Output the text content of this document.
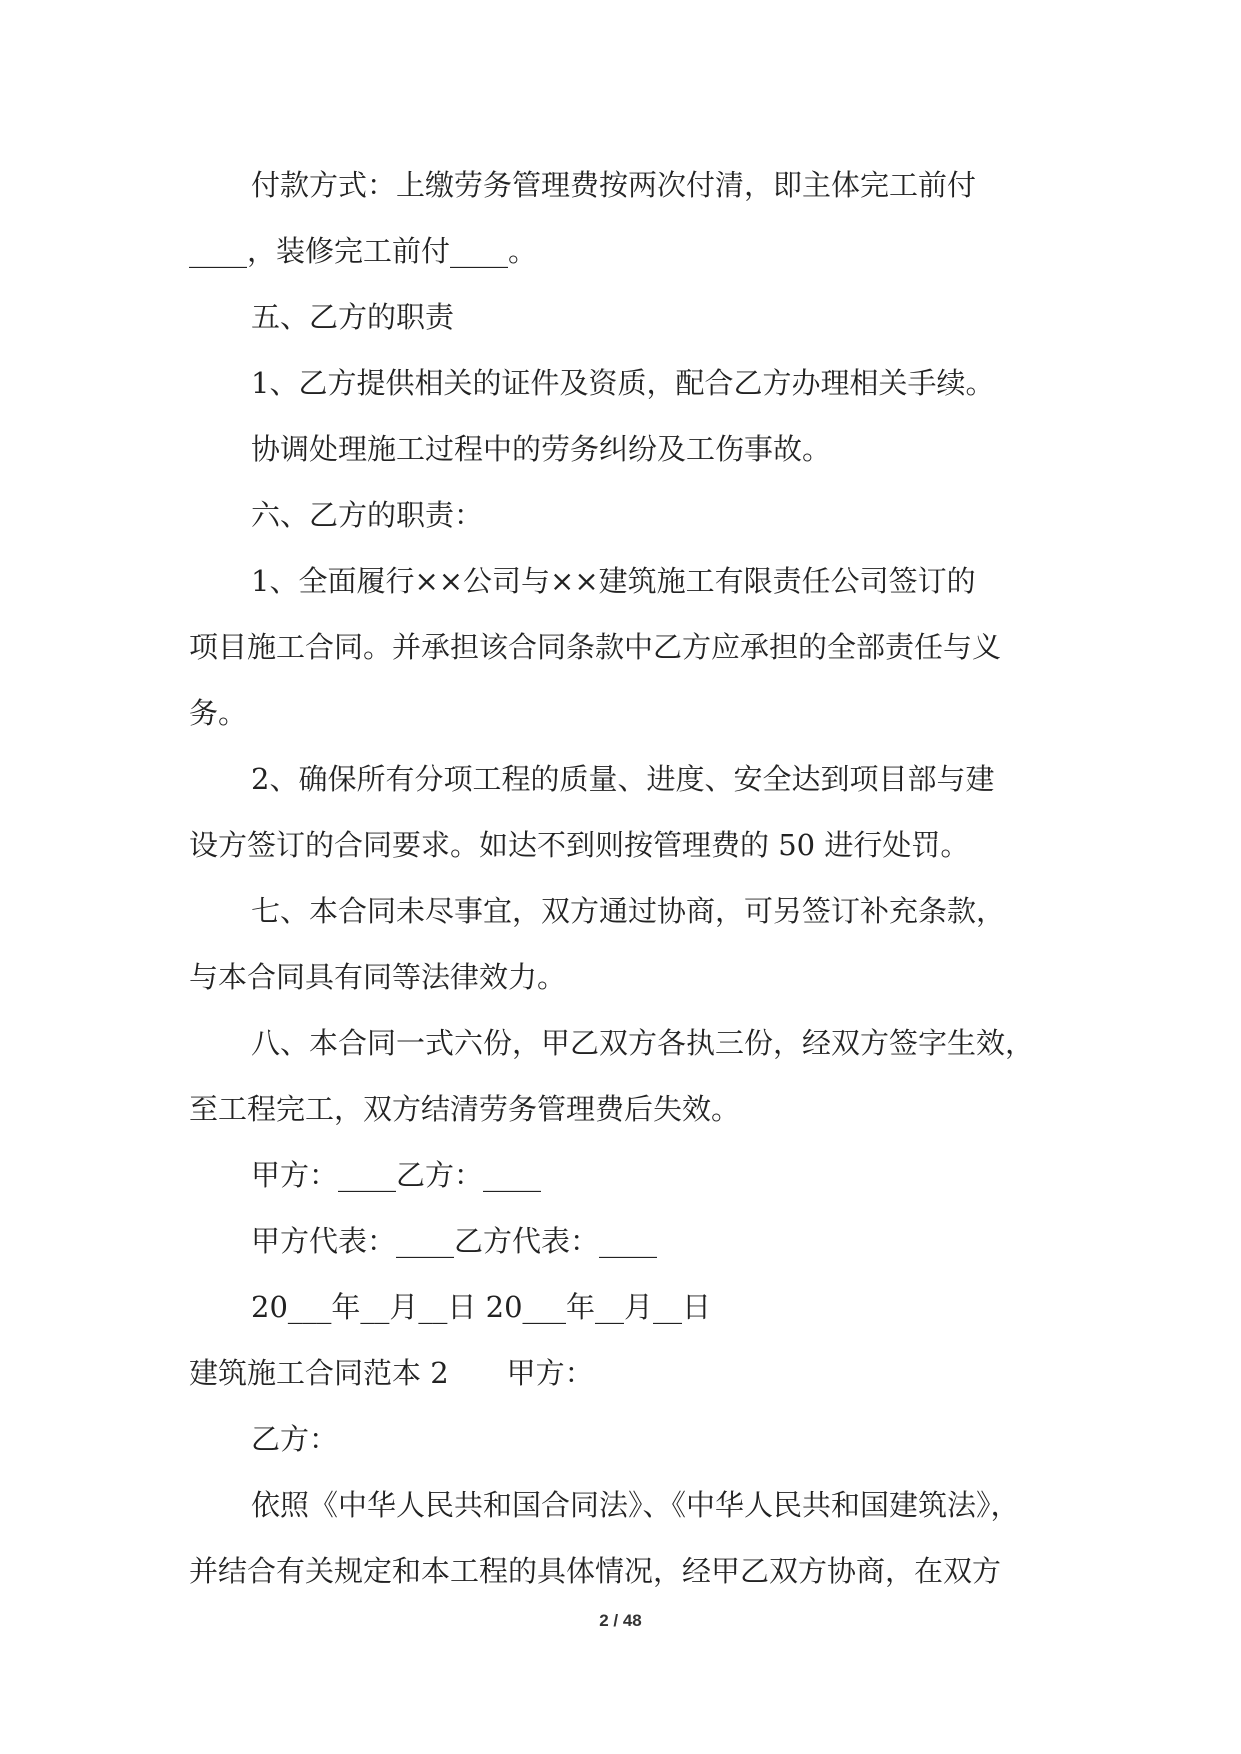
付款方式：上缴劳务管理费按两次付清，即主体完工前付
____，装修完工前付____。
五、乙方的职责
1、乙方提供相关的证件及资质，配合乙方办理相关手续。
协调处理施工过程中的劳务纠纷及工伤事故。
六、乙方的职责：
1、全面履行××公司与××建筑施工有限责任公司签订的
项目施工合同。并承担该合同条款中乙方应承担的全部责任与义
务。
2、确保所有分项工程的质量、进度、安全达到项目部与建
设方签订的合同要求。如达不到则按管理费的 50 进行处罚。
七、本合同未尽事宜，双方通过协商，可另签订补充条款，
与本合同具有同等法律效力。
八、本合同一式六份，甲乙双方各执三份，经双方签字生效，
至工程完工，双方结清劳务管理费后失效。
甲方：____乙方：____
甲方代表：____乙方代表：____
20___年__月__日 20___年__月__日
建筑施工合同范本 2　　甲方：
乙方：
依照《中华人民共和国合同法》、《中华人民共和国建筑法》，
并结合有关规定和本工程的具体情况，经甲乙双方协商，在双方
2 / 48
